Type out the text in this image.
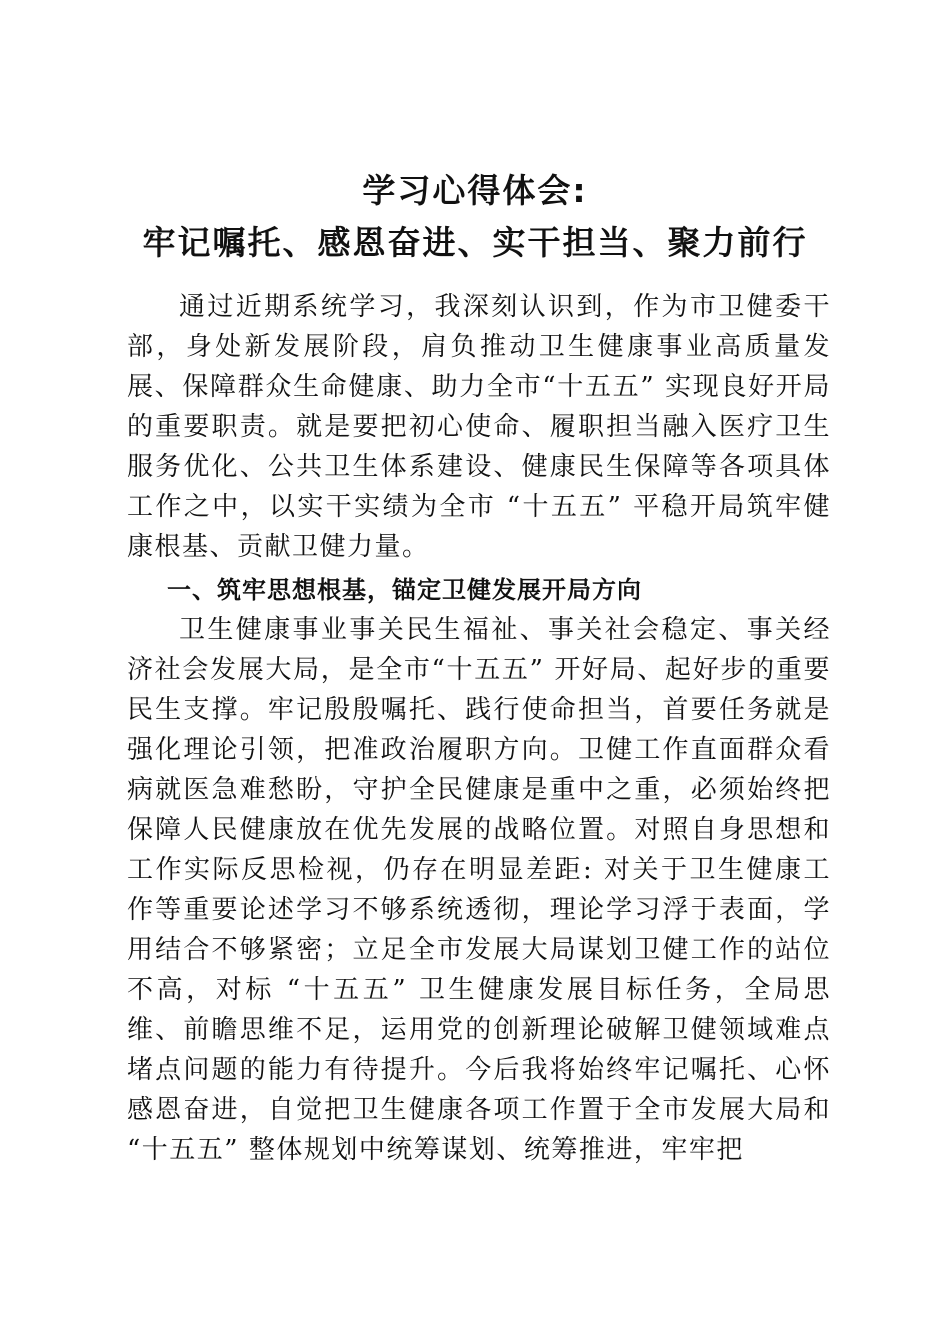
学习心得体会:
牢记嘱托、感恩奋进、实干担当、聚力前行

通过近期系统学习，我深刻认识到，作为市卫健委干部，身处新发展阶段，肩负推动卫生健康事业高质量发展、保障群众生命健康、助力全市“十五五” 实现良好开局的重要职责。就是要把初心使命、履职担当融入医疗卫生服务优化、公共卫生体系建设、健康民生保障等各项具体工作之中，以实干实绩为全市 “十五五” 平稳开局筑牢健康根基、贡献卫健力量。

一、筑牢思想根基，锚定卫健发展开局方向

卫生健康事业事关民生福祉、事关社会稳定、事关经济社会发展大局，是全市“十五五” 开好局、起好步的重要民生支撑。牢记殷殷嘱托、践行使命担当，首要任务就是强化理论引领，把准政治履职方向。卫健工作直面群众看病就医急难愁盼，守护全民健康是重中之重，必须始终把保障人民健康放在优先发展的战略位置。对照自身思想和工作实际反思检视，仍存在明显差距: 对关于卫生健康工作等重要论述学习不够系统透彻，理论学习浮于表面，学用结合不够紧密；立足全市发展大局谋划卫健工作的站位不高，对标 “十五五” 卫生健康发展目标任务，全局思维、前瞻思维不足，运用党的创新理论破解卫健领域难点堵点问题的能力有待提升。今后我将始终牢记嘱托、心怀感恩奋进，自觉把卫生健康各项工作置于全市发展大局和 “十五五” 整体规划中统筹谋划、统筹推进，牢牢把
